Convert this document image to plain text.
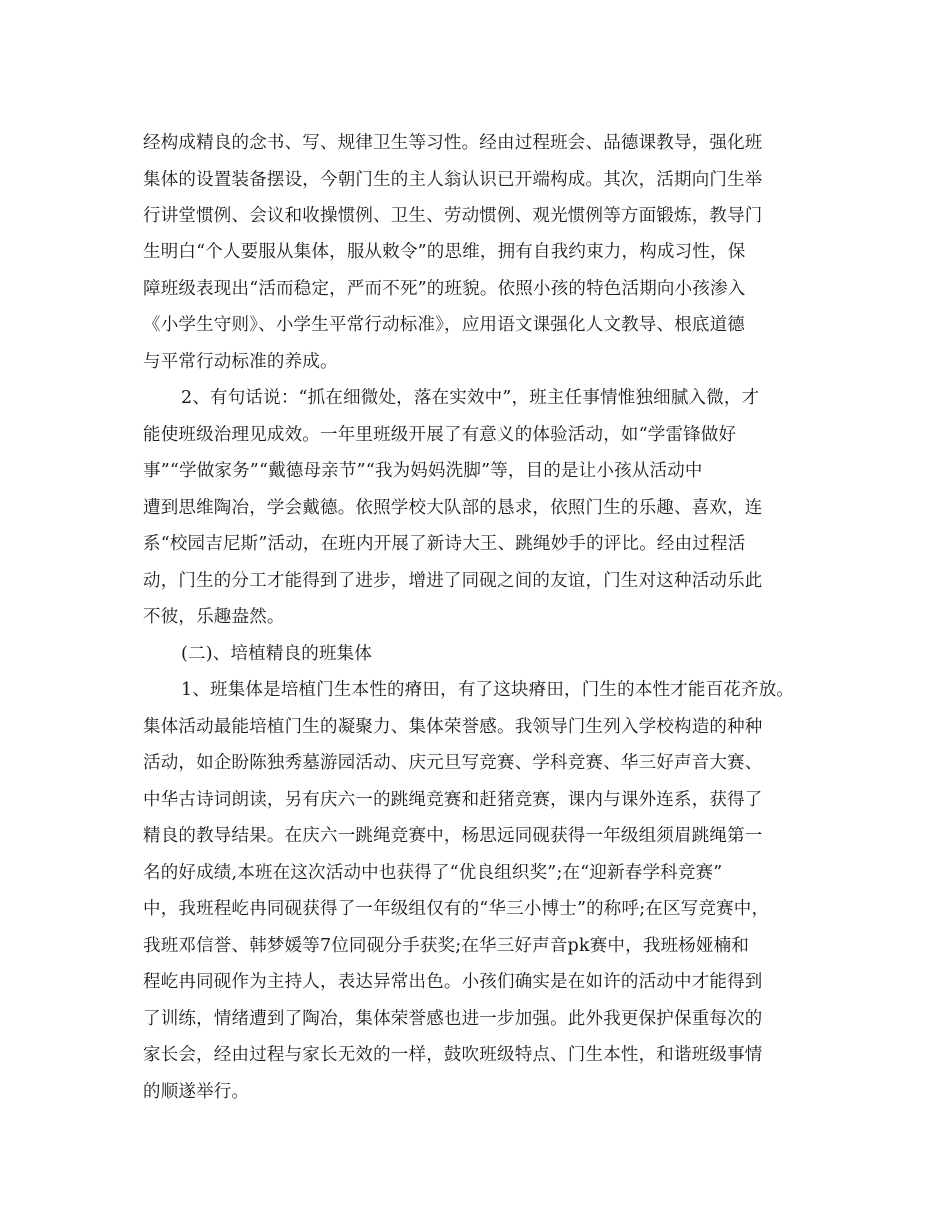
经构成精良的念书、写、规律卫生等习性。经由过程班会、品德课教导，强化班
集体的设置装备摆设，今朝门生的主人翁认识已开端构成。其次，活期向门生举
行讲堂惯例、会议和收操惯例、卫生、劳动惯例、观光惯例等方面锻炼，教导门
生明白“个人要服从集体，服从敕令”的思维，拥有自我约束力，构成习性，保
障班级表现出“活而稳定，严而不死”的班貌。依照小孩的特色活期向小孩渗入
《小学生守则》、小学生平常行动标准》，应用语文课强化人文教导、根底道德
与平常行动标准的养成。
2、有句话说：“抓在细微处，落在实效中”，班主任事情惟独细腻入微，才
能使班级治理见成效。一年里班级开展了有意义的体验活动，如“学雷锋做好
事”“学做家务”“戴德母亲节”“我为妈妈洗脚”等，目的是让小孩从活动中
遭到思维陶冶，学会戴德。依照学校大队部的恳求，依照门生的乐趣、喜欢，连
系“校园吉尼斯”活动，在班内开展了新诗大王、跳绳妙手的评比。经由过程活
动，门生的分工才能得到了进步，增进了同砚之间的友谊，门生对这种活动乐此
不彼，乐趣盎然。
(二)、培植精良的班集体
1、班集体是培植门生本性的瘠田，有了这块瘠田，门生的本性才能百花齐放。
集体活动最能培植门生的凝聚力、集体荣誉感。我领导门生列入学校构造的种种
活动，如企盼陈独秀墓游园活动、庆元旦写竞赛、学科竞赛、华三好声音大赛、
中华古诗词朗读，另有庆六一的跳绳竞赛和赶猪竞赛，课内与课外连系，获得了
精良的教导结果。在庆六一跳绳竞赛中，杨思远同砚获得一年级组须眉跳绳第一
名的好成绩,本班在这次活动中也获得了“优良组织奖”;在“迎新春学科竞赛”
中，我班程屹冉同砚获得了一年级组仅有的“华三小博士”的称呼;在区写竞赛中，
我班邓信誉、韩梦媛等7位同砚分手获奖;在华三好声音pk赛中，我班杨娅楠和
程屹冉同砚作为主持人，表达异常出色。小孩们确实是在如许的活动中才能得到
了训练，情绪遭到了陶冶，集体荣誉感也进一步加强。此外我更保护保重每次的
家长会，经由过程与家长无效的一样，鼓吹班级特点、门生本性，和谐班级事情
的顺遂举行。
